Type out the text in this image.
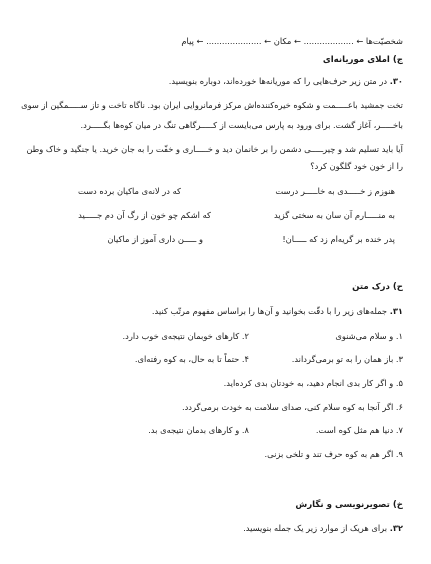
شخصیّت‌ها ← ................... ← مکان ← ..................... ← پیام
ج) املای موریانه‌ای
۳۰. در متن زیر حرف‌هایی را که موریانه‌ها خورده‌اند، دوباره بنویسید.
تخت جمشید باعـــــمت و شکوه خیره‌کننده‌اش مرکز فرمانروایی ایران بود. ناگاه تاخت و تاز ســـــمگین از سوی
باخـــــر، آغاز گشت. برای ورود به پارس می‌بایست از کـــــرگاهی تنگ در میان کوه‌ها بگـــــرد.
آیا باید تسلیم شد و چیرـــــی دشمن را بر خانمان دید و خـــــاری و خفّت را به جان خرید. یا جنگید و خاک وطن
را از خون خود گلگون کرد؟
هنوزم ز خـــــدی به خاـــــر درست
که در لانه‌ی ماکیان برده دست
به منـــــارم آن سان به سختی گزید
که اشکم چو خون از رگ آن دم جـــــید
پدر خنده بر گریه‌ام زد که ـــــان!
و ـــــن داری آموز از ماکیان
ح) درک متن
۳۱. جمله‌های زیر را با دقّت بخوانید و آن‌ها را براساس مفهوم مرتّب کنید.
۱. و سلام می‌شنوی
۲. کارهای خوبمان نتیجه‌ی خوب دارد.
۳. باز همان را به تو برمی‌گرداند.
۴. حتماً تا به حال، به کوه رفته‌ای.
۵. و اگر کار بدی انجام دهید، به خودتان بدی کرده‌اید.
۶. اگر آنجا به کوه سلام کنی، صدای سلامت به خودت برمی‌گردد.
۷. دنیا هم مثل کوه است.
۸. و کارهای بدمان نتیجه‌ی بد.
۹. اگر هم به کوه حرف تند و تلخی بزنی.
خ) تصویرنویسی و نگارش
۳۲. برای هریک از موارد زیر یک جمله بنویسید.
